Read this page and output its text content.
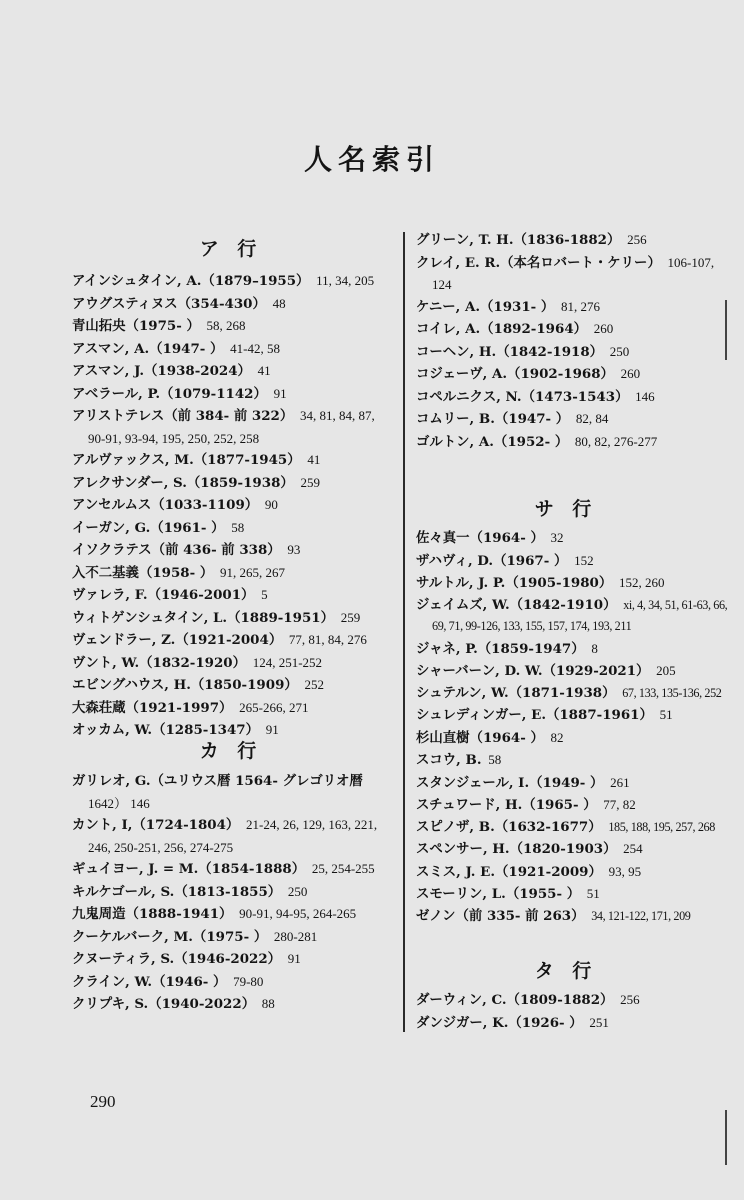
人名索引
ア 行
アインシュタイン, A.（1879–1955）  11, 34, 205
アウグスティヌス（354-430）  48
青山拓央（1975- ）  58, 268
アスマン, A.（1947- ）  41-42, 58
アスマン, J.（1938-2024）  41
アベラール, P.（1079-1142）  91
アリストテレス（前 384- 前 322）  34, 81, 84, 87,
90-91, 93-94, 195, 250, 252, 258
アルヴァックス, M.（1877-1945）  41
アレクサンダー, S.（1859-1938）  259
アンセルムス（1033-1109）  90
イーガン, G.（1961- ）  58
イソクラテス（前 436- 前 338）  93
入不二基義（1958- ）  91, 265, 267
ヴァレラ, F.（1946-2001）  5
ウィトゲンシュタイン, L.（1889-1951）  259
ヴェンドラー, Z.（1921-2004）  77, 81, 84, 276
ヴント, W.（1832-1920）  124, 251-252
エビングハウス, H.（1850-1909）  252
大森荘蔵（1921-1997）  265-266, 271
オッカム, W.（1285-1347）  91
カ 行
ガリレオ, G.（ユリウス暦 1564- グレゴリオ暦
1642） 146
カント, I,（1724-1804）  21-24, 26, 129, 163, 221,
246, 250-251, 256, 274-275
ギュイヨー, J. = M.（1854-1888）  25, 254-255
キルケゴール, S.（1813-1855）  250
九鬼周造（1888-1941）  90-91, 94-95, 264-265
クーケルバーク, M.（1975- ）  280-281
クヌーティラ, S.（1946-2022）  91
クライン, W.（1946- ）  79-80
クリプキ, S.（1940-2022）  88
グリーン, T. H.（1836-1882）  256
クレイ, E. R.（本名ロバート・ケリー）  106-107,
124
ケニー, A.（1931- ）  81, 276
コイレ, A.（1892-1964）  260
コーヘン, H.（1842-1918）  250
コジェーヴ, A.（1902-1968）  260
コペルニクス, N.（1473-1543）  146
コムリー, B.（1947- ）  82, 84
ゴルトン, A.（1952- ）  80, 82, 276-277
サ 行
佐々真一（1964- ）  32
ザハヴィ, D.（1967- ）  152
サルトル, J. P.（1905-1980）  152, 260
ジェイムズ, W.（1842-1910）  xi, 4, 34, 51, 61-63, 66,
69, 71, 99-126, 133, 155, 157, 174, 193, 211
ジャネ, P.（1859-1947）  8
シャーバーン, D. W.（1929-2021）  205
シュテルン, W.（1871-1938）  67, 133, 135-136, 252
シュレディンガー, E.（1887-1961）  51
杉山直樹（1964- ）  82
スコウ, B.  58
スタンジェール, I.（1949- ）  261
スチュワード, H.（1965- ）  77, 82
スピノザ, B.（1632-1677）  185, 188, 195, 257, 268
スペンサー, H.（1820-1903）  254
スミス, J. E.（1921-2009）  93, 95
スモーリン, L.（1955- ）  51
ゼノン（前 335- 前 263）  34, 121-122, 171, 209
タ 行
ダーウィン, C.（1809-1882）  256
ダンジガー, K.（1926- ）  251
290
